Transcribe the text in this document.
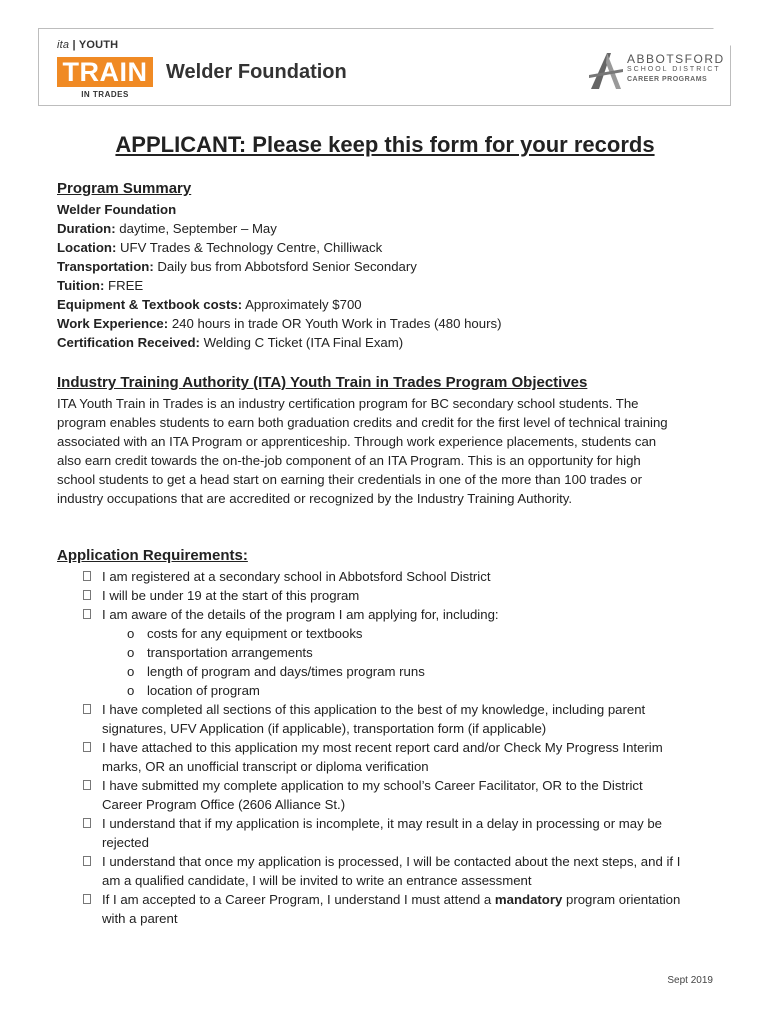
ita | YOUTH
TRAIN
IN TRADES
Welder Foundation
ABBOTSFORD
SCHOOL DISTRICT
CAREER PROGRAMS
APPLICANT: Please keep this form for your records
Program Summary
Welder Foundation
Duration: daytime, September – May
Location: UFV Trades & Technology Centre, Chilliwack
Transportation: Daily bus from Abbotsford Senior Secondary
Tuition: FREE
Equipment & Textbook costs: Approximately $700
Work Experience: 240 hours in trade OR Youth Work in Trades (480 hours)
Certification Received: Welding C Ticket (ITA Final Exam)
Industry Training Authority (ITA) Youth Train in Trades Program Objectives
ITA Youth Train in Trades is an industry certification program for BC secondary school students. The
program enables students to earn both graduation credits and credit for the first level of technical training
associated with an ITA Program or apprenticeship. Through work experience placements, students can
also earn credit towards the on-the-job component of an ITA Program. This is an opportunity for high
school students to get a head start on earning their credentials in one of the more than 100 trades or
industry occupations that are accredited or recognized by the Industry Training Authority.
Application Requirements:
I am registered at a secondary school in Abbotsford School District
I will be under 19 at the start of this program
I am aware of the details of the program I am applying for, including:
o costs for any equipment or textbooks
o transportation arrangements
o length of program and days/times program runs
o location of program
I have completed all sections of this application to the best of my knowledge, including parent
signatures, UFV Application (if applicable), transportation form (if applicable)
I have attached to this application my most recent report card and/or Check My Progress Interim
marks, OR an unofficial transcript or diploma verification
I have submitted my complete application to my school’s Career Facilitator, OR to the District
Career Program Office (2606 Alliance St.)
I understand that if my application is incomplete, it may result in a delay in processing or may be
rejected
I understand that once my application is processed, I will be contacted about the next steps, and if I
am a qualified candidate, I will be invited to write an entrance assessment
If I am accepted to a Career Program, I understand I must attend a mandatory program orientation
with a parent
Sept 2019
